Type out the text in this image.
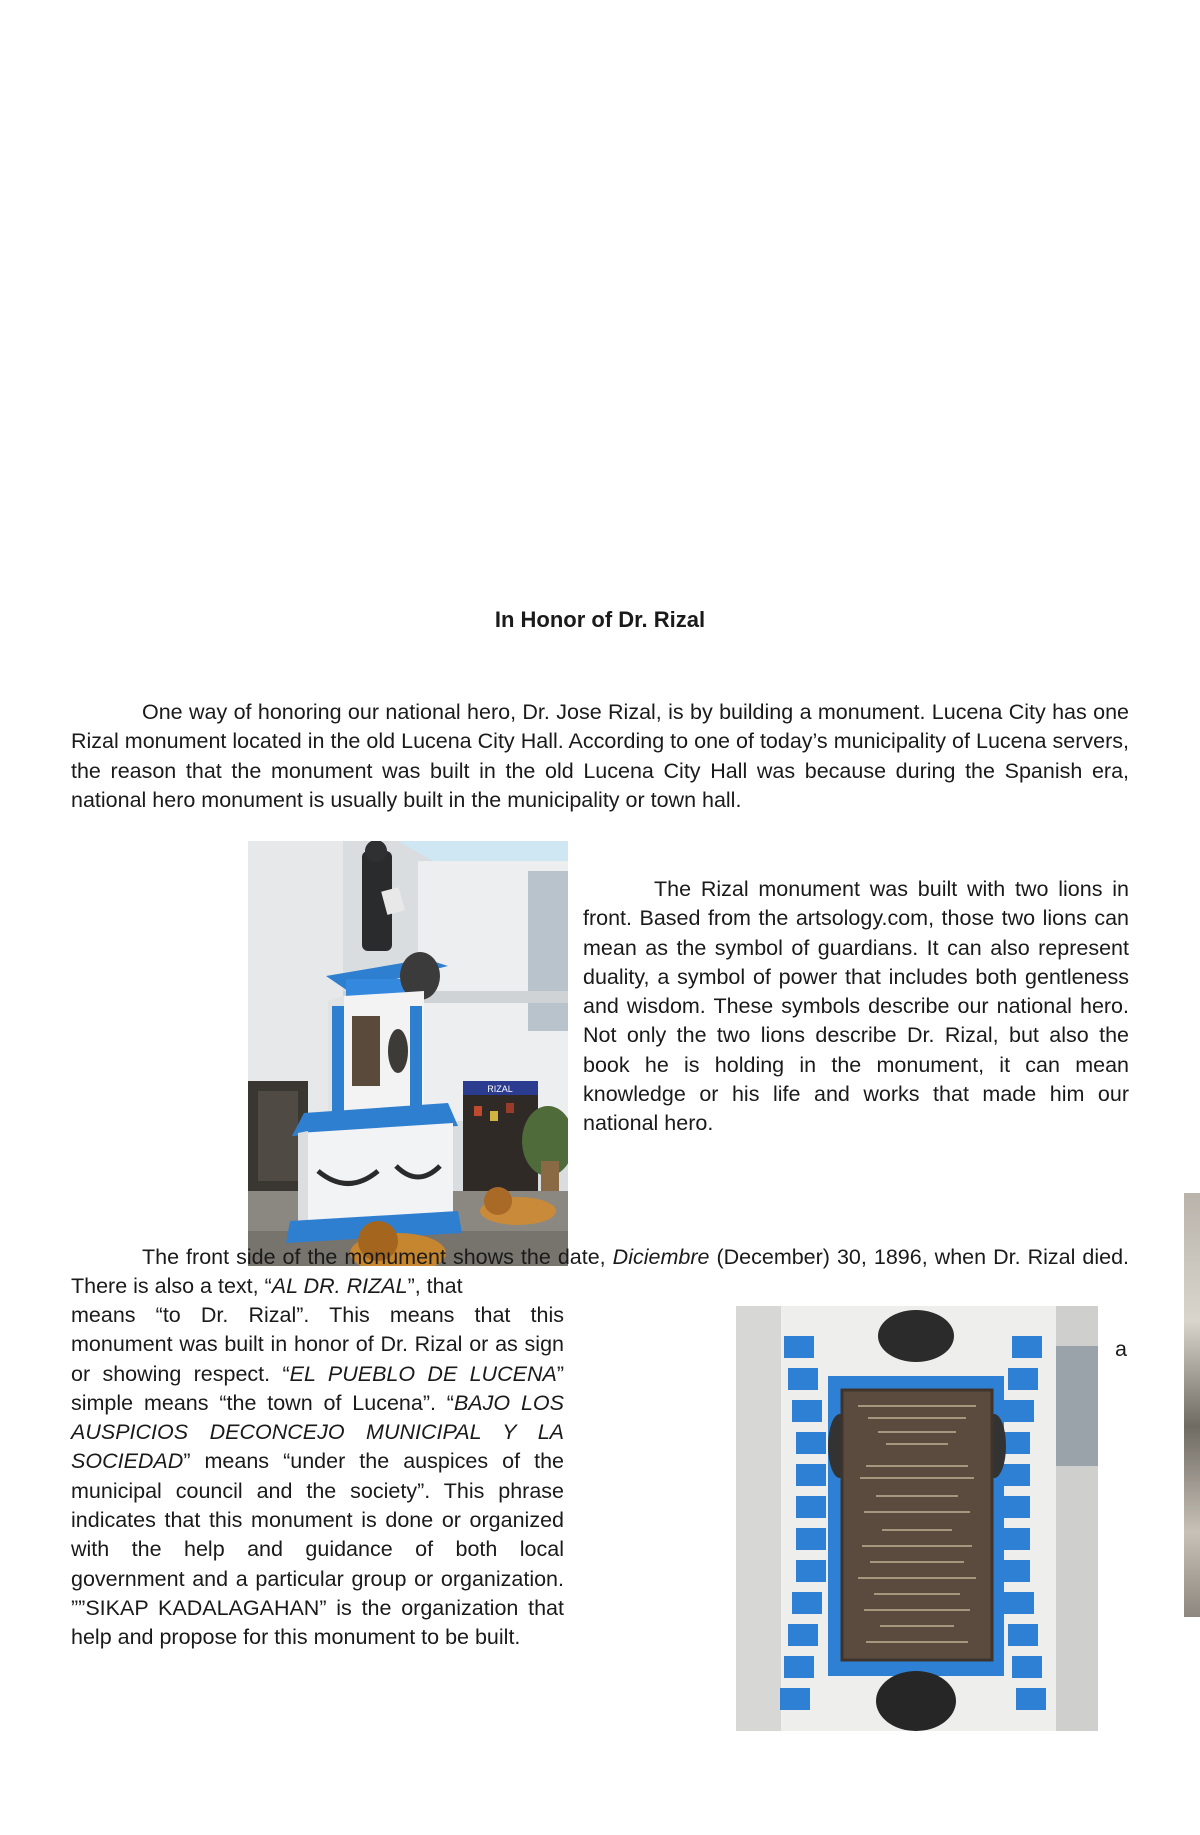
In Honor of Dr. Rizal

One way of honoring our national hero, Dr. Jose Rizal, is by building a monument. Lucena City has one Rizal monument located in the old Lucena City Hall. According to one of today’s municipality of Lucena servers, the reason that the monument was built in the old Lucena City Hall was because during the Spanish era, national hero monument is usually built in the municipality or town hall.

RIZAL

The Rizal monument was built with two lions in front. Based from the artsology.com, those two lions can mean as the symbol of guardians. It can also represent duality, a symbol of power that includes both gentleness and wisdom. These symbols describe our national hero. Not only the two lions describe Dr. Rizal, but also the book he is holding in the monument, it can mean knowledge or his life and works that made him our national hero.

The front side of the monument shows the date, Diciembre (December) 30, 1896, when Dr. Rizal died. There is also a text, “AL DR. RIZAL”, that

means “to Dr. Rizal”. This means that this monument was built in honor of Dr. Rizal or as sign or showing respect. “EL PUEBLO DE LUCENA” simple means “the town of Lucena”. “BAJO LOS AUSPICIOS DECONCEJO MUNICIPAL Y LA SOCIEDAD” means “under the auspices of the municipal council and the society”. This phrase indicates that this monument is done or organized with the help and guidance of both local government and a particular group or organization. ””SIKAP KADALAGAHAN” is the organization that help and propose for this monument to be built.

a
